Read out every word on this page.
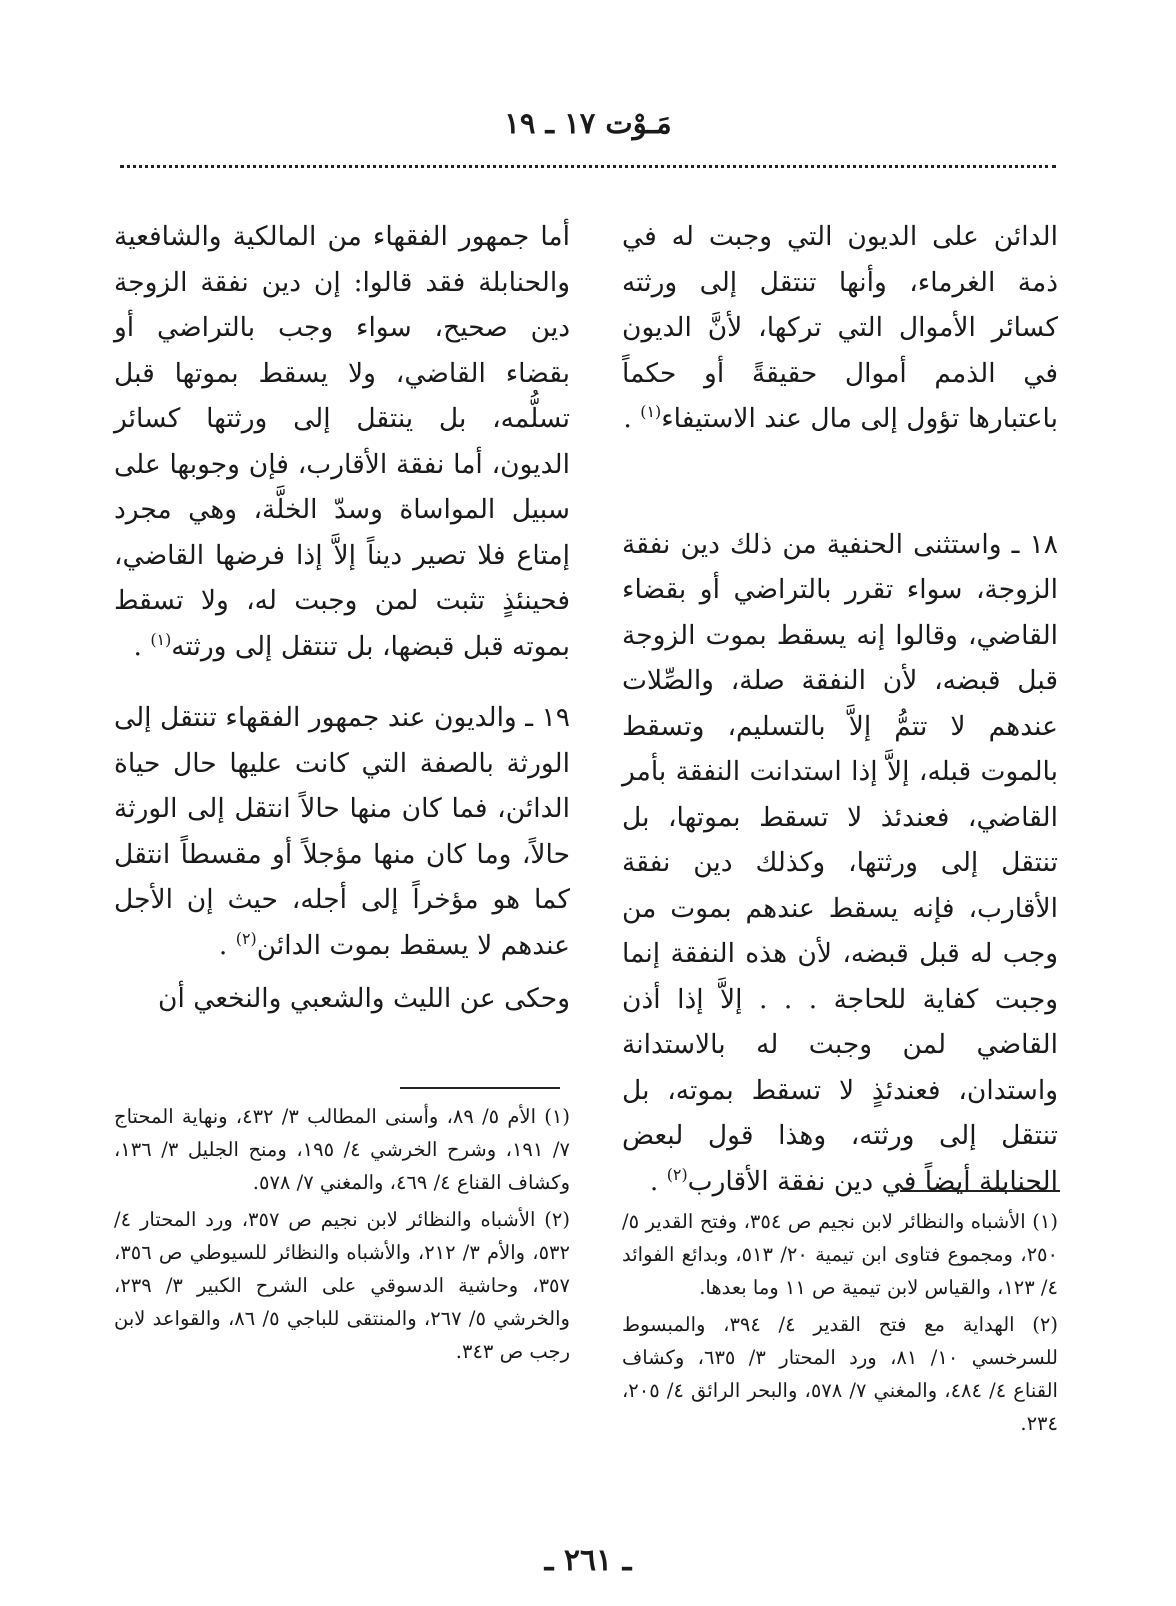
مَـوْت ١٧ ـ ١٩

الدائن على الديون التي وجبت له في ذمة الغرماء، وأنها تنتقل إلى ورثته كسائر الأموال التي تركها، لأنَّ الديون في الذمم أموال حقيقةً أو حكماً باعتبارها تؤول إلى مال عند الاستيفاء$^{(١)}$ .

١٨ ـ واستثنى الحنفية من ذلك دين نفقة الزوجة، سواء تقرر بالتراضي أو بقضاء القاضي، وقالوا إنه يسقط بموت الزوجة قبل قبضه، لأن النفقة صلة، والصِّلات عندهم لا تتمُّ إلاَّ بالتسليم، وتسقط بالموت قبله، إلاَّ إذا استدانت النفقة بأمر القاضي، فعندئذ لا تسقط بموتها، بل تنتقل إلى ورثتها، وكذلك دين نفقة الأقارب، فإنه يسقط عندهم بموت من وجب له قبل قبضه، لأن هذه النفقة إنما وجبت كفاية للحاجة . . . إلاَّ إذا أذن القاضي لمن وجبت له بالاستدانة واستدان، فعندئذٍ لا تسقط بموته، بل تنتقل إلى ورثته، وهذا قول لبعض الحنابلة أيضاً في دين نفقة الأقارب$^{(٢)}$ .

أما جمهور الفقهاء من المالكية والشافعية والحنابلة فقد قالوا: إن دين نفقة الزوجة دين صحيح، سواء وجب بالتراضي أو بقضاء القاضي، ولا يسقط بموتها قبل تسلُّمه، بل ينتقل إلى ورثتها كسائر الديون، أما نفقة الأقارب، فإن وجوبها على سبيل المواساة وسدّ الخلَّة، وهي مجرد إمتاع فلا تصير ديناً إلاَّ إذا فرضها القاضي، فحينئذٍ تثبت لمن وجبت له، ولا تسقط بموته قبل قبضها، بل تنتقل إلى ورثته$^{(١)}$ .

١٩ ـ والديون عند جمهور الفقهاء تنتقل إلى الورثة بالصفة التي كانت عليها حال حياة الدائن، فما كان منها حالاً انتقل إلى الورثة حالاً، وما كان منها مؤجلاً أو مقسطاً انتقل كما هو مؤخراً إلى أجله، حيث إن الأجل عندهم لا يسقط بموت الدائن$^{(٢)}$ .

وحكى عن الليث والشعبي والنخعي أن

(١) الأشباه والنظائر لابن نجيم ص ٣٥٤، وفتح القدير ٥/ ٢٥٠، ومجموع فتاوى ابن تيمية ٢٠/ ٥١٣، وبدائع الفوائد ٤/ ١٢٣، والقياس لابن تيمية ص ١١ وما بعدها.

(٢) الهداية مع فتح القدير ٤/ ٣٩٤، والمبسوط للسرخسي ١٠/ ٨١، ورد المحتار ٣/ ٦٣٥، وكشاف القناع ٤/ ٤٨٤، والمغني ٧/ ٥٧٨، والبحر الرائق ٤/ ٢٠٥، ٢٣٤.

(١) الأم ٥/ ٨٩، وأسنى المطالب ٣/ ٤٣٢، ونهاية المحتاج ٧/ ١٩١، وشرح الخرشي ٤/ ١٩٥، ومنح الجليل ٣/ ١٣٦، وكشاف القناع ٤/ ٤٦٩، والمغني ٧/ ٥٧٨.

(٢) الأشباه والنظائر لابن نجيم ص ٣٥٧، ورد المحتار ٤/ ٥٣٢، والأم ٣/ ٢١٢، والأشباه والنظائر للسيوطي ص ٣٥٦، ٣٥٧، وحاشية الدسوقي على الشرح الكبير ٣/ ٢٣٩، والخرشي ٥/ ٢٦٧، والمنتقى للباجي ٥/ ٨٦، والقواعد لابن رجب ص ٣٤٣.

ـ ٢٦١ ـ
